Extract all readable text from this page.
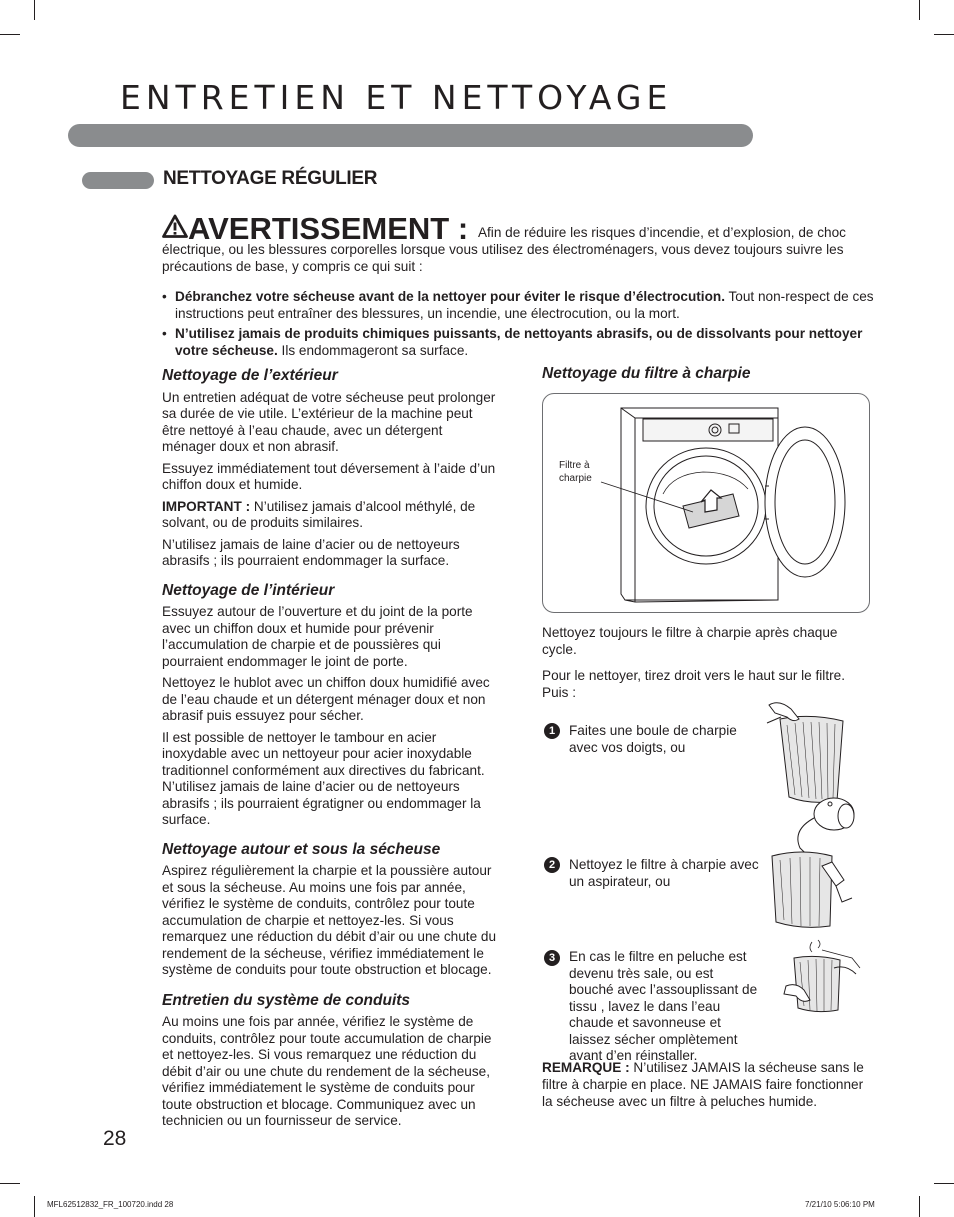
ENTRETIEN ET NETTOYAGE
NETTOYAGE RÉGULIER
AVERTISSEMENT : Afin de réduire les risques d’incendie, et d’explosion, de choc électrique, ou les blessures corporelles lorsque vous utilisez des électroménagers, vous devez toujours suivre les précautions de base, y compris ce qui suit :
• Débranchez votre sécheuse avant de la nettoyer pour éviter le risque d’électrocution. Tout non-respect de ces instructions peut entraîner des blessures, un incendie, une électrocution, ou la mort.
• N’utilisez jamais de produits chimiques puissants, de nettoyants abrasifs, ou de dissolvants pour nettoyer votre sécheuse. Ils endommageront sa surface.
Nettoyage de l’extérieur

Un entretien adéquat de votre sécheuse peut prolonger sa durée de vie utile. L’extérieur de la machine peut être nettoyé à l’eau chaude, avec un détergent ménager doux et non abrasif.

Essuyez immédiatement tout déversement à l’aide d’un chiffon doux et humide.

IMPORTANT : N’utilisez jamais d’alcool méthylé, de solvant, ou de produits similaires.

N’utilisez jamais de laine d’acier ou de nettoyeurs abrasifs ; ils pourraient endommager la surface.

Nettoyage de l’intérieur

Essuyez autour de l’ouverture et du joint de la porte avec un chiffon doux et humide pour prévenir l’accumulation de charpie et de poussières qui pourraient endommager le joint de porte.

Nettoyez le hublot avec un chiffon doux humidifié avec de l’eau chaude et un détergent ménager doux et non abrasif puis essuyez pour sécher.

Il est possible de nettoyer le tambour en acier inoxydable avec un nettoyeur pour acier inoxydable traditionnel conformément aux directives du fabricant. N’utilisez jamais de laine d’acier ou de nettoyeurs abrasifs ; ils pourraient égratigner ou endommager la surface.

Nettoyage autour et sous la sécheuse

Aspirez régulièrement la charpie et la poussière autour et sous la sécheuse. Au moins une fois par année, vérifiez le système de conduits, contrôlez pour toute accumulation de charpie et nettoyez-les. Si vous remarquez une réduction du débit d’air ou une chute du rendement de la sécheuse, vérifiez immédiatement le système de conduits pour toute obstruction et blocage.

Entretien du système de conduits

Au moins une fois par année, vérifiez le système de conduits, contrôlez pour toute accumulation de charpie et nettoyez-les. Si vous remarquez une réduction du débit d’air ou une chute du rendement de la sécheuse, vérifiez immédiatement le système de conduits pour toute obstruction et blocage. Communiquez avec un technicien ou un fournisseur de service.

Nettoyage du filtre à charpie
Filtre à charpie
Nettoyez toujours le filtre à charpie après chaque cycle.
Pour le nettoyer, tirez droit vers le haut sur le filtre. Puis :
1	Faites une boule de charpie avec vos doigts, ou
2	Nettoyez le filtre à charpie avec un aspirateur, ou
3	En cas le filtre en peluche est devenu très sale, ou est bouché avec l’assouplissant de tissu , lavez le dans l’eau chaude et savonneuse et laissez sécher omplètement avant d’en réinstaller.
REMARQUE : N’utilisez JAMAIS la sécheuse sans le filtre à charpie en place. NE JAMAIS faire fonctionner la sécheuse avec un filtre à peluches humide.
28
MFL62512832_FR_100720.indd 28	7/21/10 5:06:10 PM
